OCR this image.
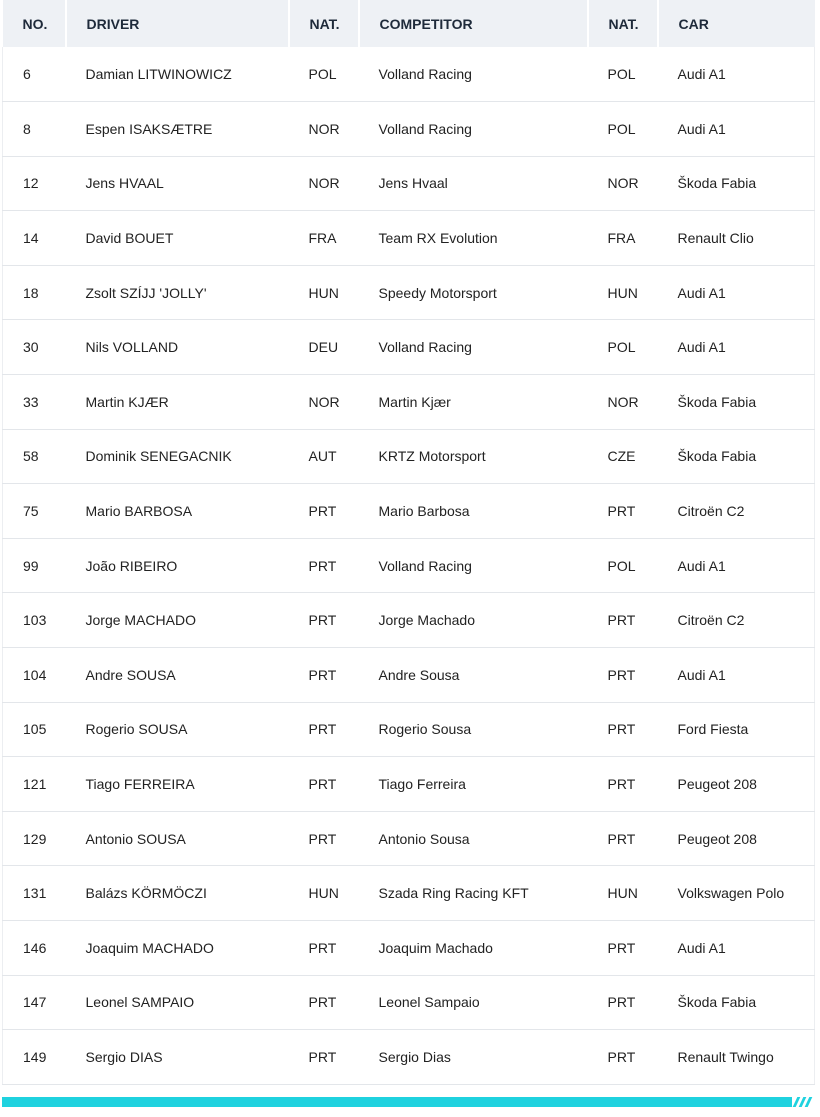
NO.	DRIVER	NAT.	COMPETITOR	NAT.	CAR
6	Damian LITWINOWICZ	POL	Volland Racing	POL	Audi A1
8	Espen ISAKSÆTRE	NOR	Volland Racing	POL	Audi A1
12	Jens HVAAL	NOR	Jens Hvaal	NOR	Škoda Fabia
14	David BOUET	FRA	Team RX Evolution	FRA	Renault Clio
18	Zsolt SZÍJJ 'JOLLY'	HUN	Speedy Motorsport	HUN	Audi A1
30	Nils VOLLAND	DEU	Volland Racing	POL	Audi A1
33	Martin KJÆR	NOR	Martin Kjær	NOR	Škoda Fabia
58	Dominik SENEGACNIK	AUT	KRTZ Motorsport	CZE	Škoda Fabia
75	Mario BARBOSA	PRT	Mario Barbosa	PRT	Citroën C2
99	João RIBEIRO	PRT	Volland Racing	POL	Audi A1
103	Jorge MACHADO	PRT	Jorge Machado	PRT	Citroën C2
104	Andre SOUSA	PRT	Andre Sousa	PRT	Audi A1
105	Rogerio SOUSA	PRT	Rogerio Sousa	PRT	Ford Fiesta
121	Tiago FERREIRA	PRT	Tiago Ferreira	PRT	Peugeot 208
129	Antonio SOUSA	PRT	Antonio Sousa	PRT	Peugeot 208
131	Balázs KÖRMÖCZI	HUN	Szada Ring Racing KFT	HUN	Volkswagen Polo
146	Joaquim MACHADO	PRT	Joaquim Machado	PRT	Audi A1
147	Leonel SAMPAIO	PRT	Leonel Sampaio	PRT	Škoda Fabia
149	Sergio DIAS	PRT	Sergio Dias	PRT	Renault Twingo
